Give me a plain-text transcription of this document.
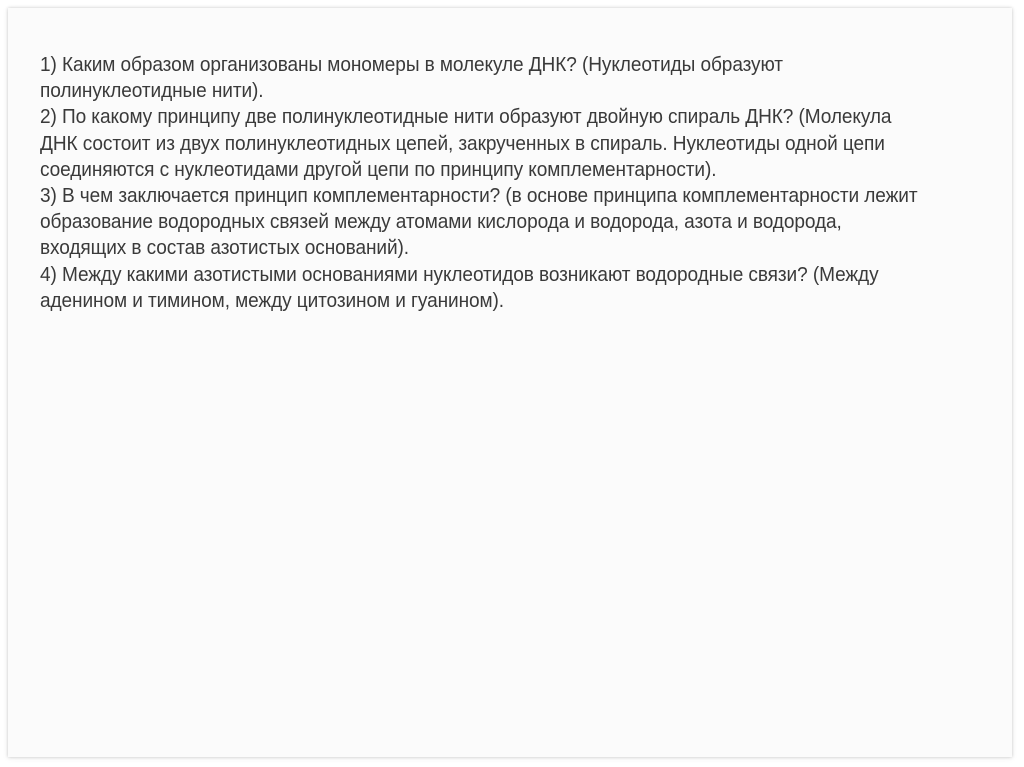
1) Каким образом организованы мономеры в молекуле ДНК? (Нуклеотиды образуют полинуклеотидные нити).

2) По какому принципу две полинуклеотидные нити образуют двойную спираль ДНК? (Молекула ДНК состоит из двух полинуклеотидных цепей, закрученных в спираль. Нуклеотиды одной цепи соединяются с нуклеотидами другой цепи по принципу комплементарности).

3) В чем заключается принцип комплементарности? (в основе принципа комплементарности лежит образование водородных связей между атомами кислорода и водорода, азота и водорода, входящих в состав азотистых оснований).

4) Между какими азотистыми основаниями нуклеотидов возникают водородные связи? (Между аденином и тимином, между цитозином и гуанином).
